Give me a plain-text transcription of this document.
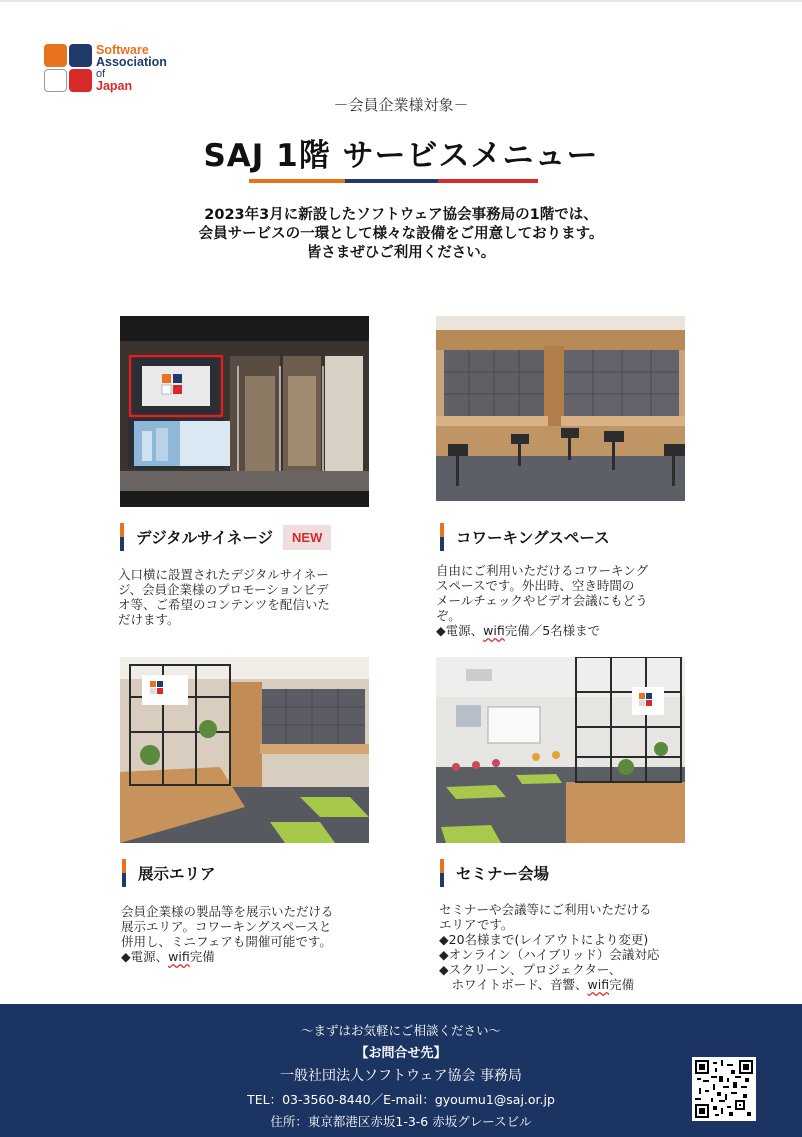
Software
Association
of
Japan
－会員企業様対象－
SAJ 1階 サービスメニュー
2023年3月に新設したソフトウェア協会事務局の1階では、
会員サービスの一環として様々な設備をご用意しております。
皆さまぜひご利用ください。
デジタルサイネージ	NEW
入口横に設置されたデジタルサイネー
ジ、会員企業様のプロモーションビデ
オ等、ご希望のコンテンツを配信いた
だけます。
コワーキングスペース
自由にご利用いただけるコワーキング
スペースです。外出時、空き時間の
メールチェックやビデオ会議にもどう
ぞ。
◆電源、wifi完備／5名様まで
展示エリア
会員企業様の製品等を展示いただける
展示エリア。コワーキングスペースと
併用し、ミニフェアも開催可能です。
◆電源、wifi完備
セミナー会場
セミナーや会議等にご利用いただける
エリアです。
◆20名様まで(レイアウトにより変更)
◆オンライン（ハイブリッド）会議対応
◆スクリーン、プロジェクター、
　ホワイトボード、音響、wifi完備
～まずはお気軽にご相談ください～
【お問合せ先】
一般社団法人ソフトウェア協会 事務局
TEL：03-3560-8440／E-mail：gyoumu1@saj.or.jp
住所：東京都港区赤坂1-3-6 赤坂グレースビル
